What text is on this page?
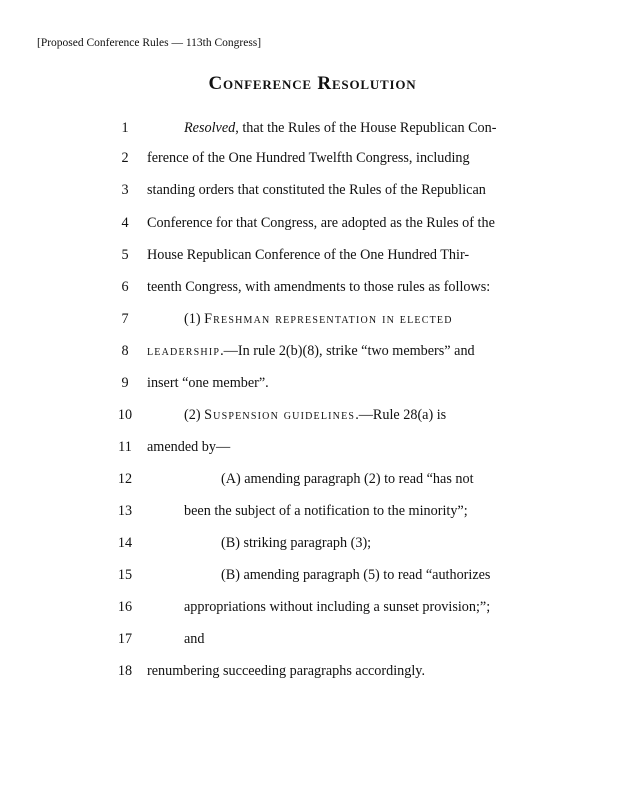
[Proposed Conference Rules — 113th Congress]
Conference Resolution
1	Resolved, that the Rules of the House Republican Con-
2	ference of the One Hundred Twelfth Congress, including
3	standing orders that constituted the Rules of the Republican
4	Conference for that Congress, are adopted as the Rules of the
5	House Republican Conference of the One Hundred Thir-
6	teenth Congress, with amendments to those rules as follows:
7	(1) Freshman representation in elected
8	leadership.—In rule 2(b)(8), strike “two members” and
9	insert “one member”.
10	(2) Suspension guidelines.—Rule 28(a) is
11 amended by—
12	(A) amending paragraph (2) to read “has not
13	been the subject of a notification to the minority”;
14	(B) striking paragraph (3);
15	(B) amending paragraph (5) to read “authorizes
16	appropriations without including a sunset provision;”;
17	and
18 renumbering succeeding paragraphs accordingly.
